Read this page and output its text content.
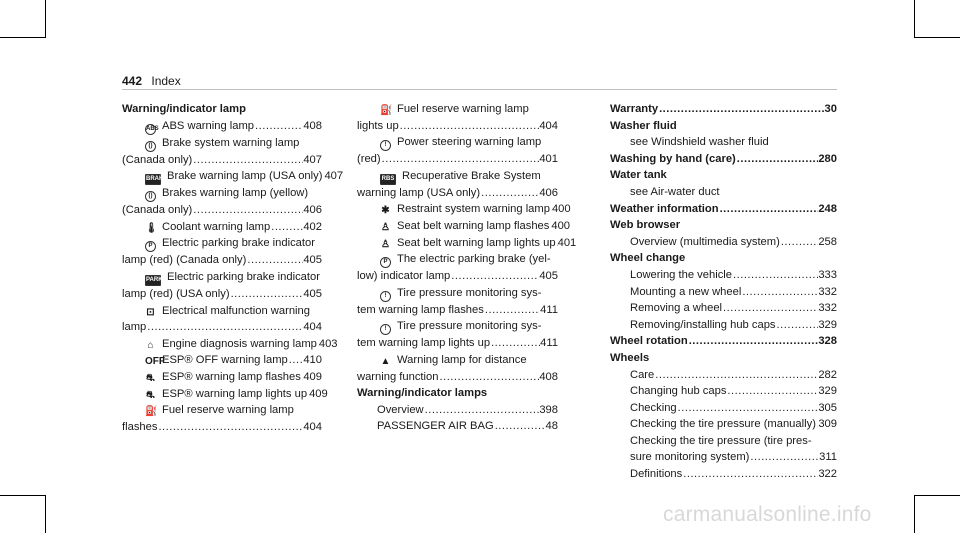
442 Index
Warning/indicator lamp
ABS ABS warning lamp .....	408
() Brake system warning lamp
(Canada only) .....	407
BRAKEBrake warning lamp (USA only) ..... 407
() Brakes warning lamp (yellow)
(Canada only) .....	406
🌡 Coolant warning lamp .....	402
P Electric parking brake indicator
lamp (red) (Canada only) .....	405
PARK Electric parking brake indicator
lamp (red) (USA only) .....	405
⊡ Electrical malfunction warning
lamp .....	404
⌂ Engine diagnosis warning lamp ..... 403
OFFESP® OFF warning lamp ..... 410
⛐ ESP® warning lamp flashes ..... 409
⛐ ESP® warning lamp lights up ..... 409
⛽ Fuel reserve warning lamp
flashes .....	404
⛽ Fuel reserve warning lamp
lights up .....	404
! Power steering warning lamp
(red) .....	401
RBS Recuperative Brake System
warning lamp (USA only) .....	406
✱ Restraint system warning lamp ..... 400
♙ Seat belt warning lamp flashes ..... 400
♙ Seat belt warning lamp lights up ..... 401
P The electric parking brake (yel-
low) indicator lamp .....	405
! Tire pressure monitoring sys-
tem warning lamp flashes .....	411
! Tire pressure monitoring sys-
tem warning lamp lights up .....	411
▲ Warning lamp for distance
warning function .....	408
Warning/indicator lamps
Overview .....	398
PASSENGER AIR BAG .....	48
Warranty .....	30
Washer fluid
see Windshield washer fluid
Washing by hand (care) .....	280
Water tank
see Air-water duct
Weather information .....	248
Web browser
Overview (multimedia system) .....	258
Wheel change
Lowering the vehicle .....	333
Mounting a new wheel .....	332
Removing a wheel .....	332
Removing/installing hub caps .....	329
Wheel rotation .....	328
Wheels
Care .....	282
Changing hub caps .....	329
Checking .....	305
Checking the tire pressure (manually) ..... 309
Checking the tire pressure (tire pres-
sure monitoring system) .....	311
Definitions .....	322
carmanualsonline.info
